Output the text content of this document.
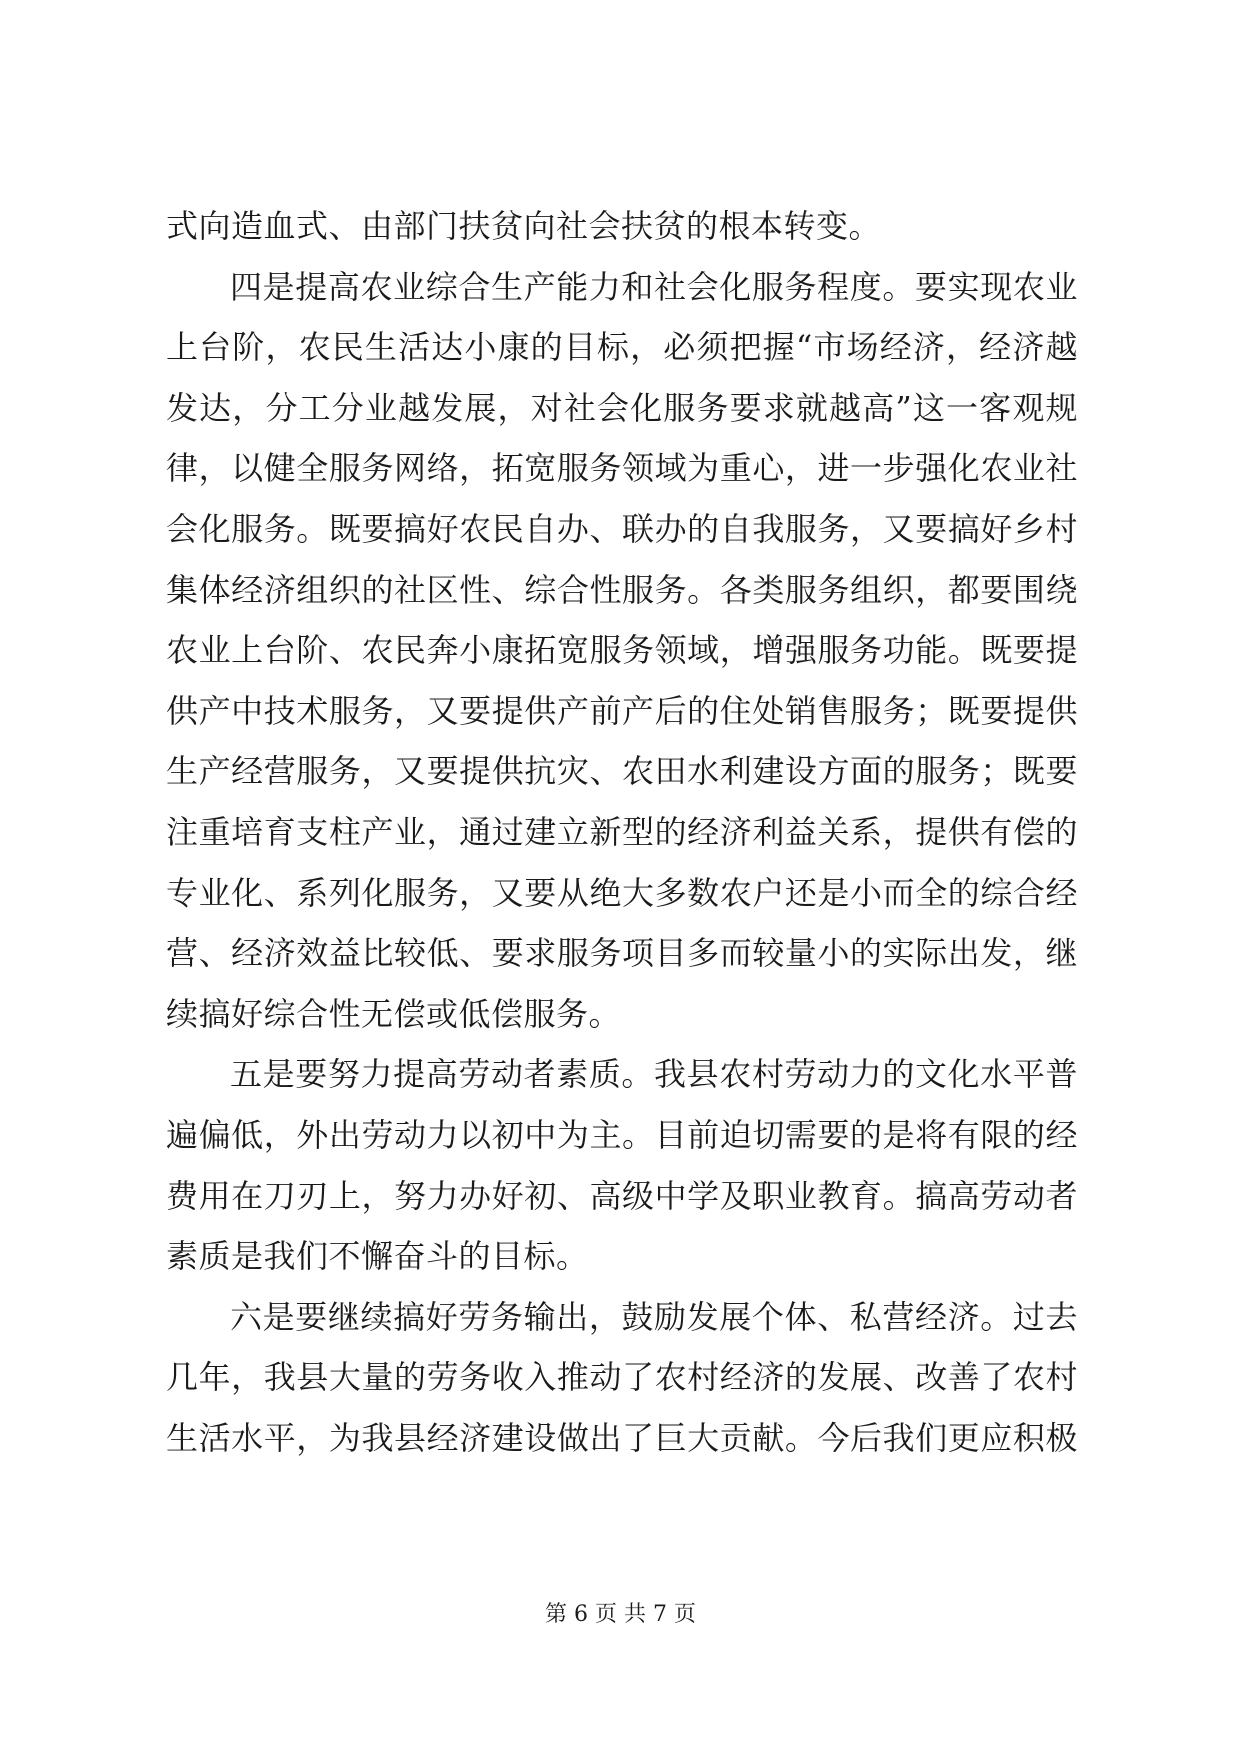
式向造血式、由部门扶贫向社会扶贫的根本转变。
四是提高农业综合生产能力和社会化服务程度。要实现农业
上台阶，农民生活达小康的目标，必须把握“市场经济，经济越
发达，分工分业越发展，对社会化服务要求就越高”这一客观规
律，以健全服务网络，拓宽服务领域为重心，进一步强化农业社
会化服务。既要搞好农民自办、联办的自我服务，又要搞好乡村
集体经济组织的社区性、综合性服务。各类服务组织，都要围绕
农业上台阶、农民奔小康拓宽服务领域，增强服务功能。既要提
供产中技术服务，又要提供产前产后的住处销售服务；既要提供
生产经营服务，又要提供抗灾、农田水利建设方面的服务；既要
注重培育支柱产业，通过建立新型的经济利益关系，提供有偿的
专业化、系列化服务，又要从绝大多数农户还是小而全的综合经
营、经济效益比较低、要求服务项目多而较量小的实际出发，继
续搞好综合性无偿或低偿服务。
五是要努力提高劳动者素质。我县农村劳动力的文化水平普
遍偏低，外出劳动力以初中为主。目前迫切需要的是将有限的经
费用在刀刃上，努力办好初、高级中学及职业教育。搞高劳动者
素质是我们不懈奋斗的目标。
六是要继续搞好劳务输出，鼓励发展个体、私营经济。过去
几年，我县大量的劳务收入推动了农村经济的发展、改善了农村
生活水平，为我县经济建设做出了巨大贡献。今后我们更应积极
第 6 页 共 7 页
